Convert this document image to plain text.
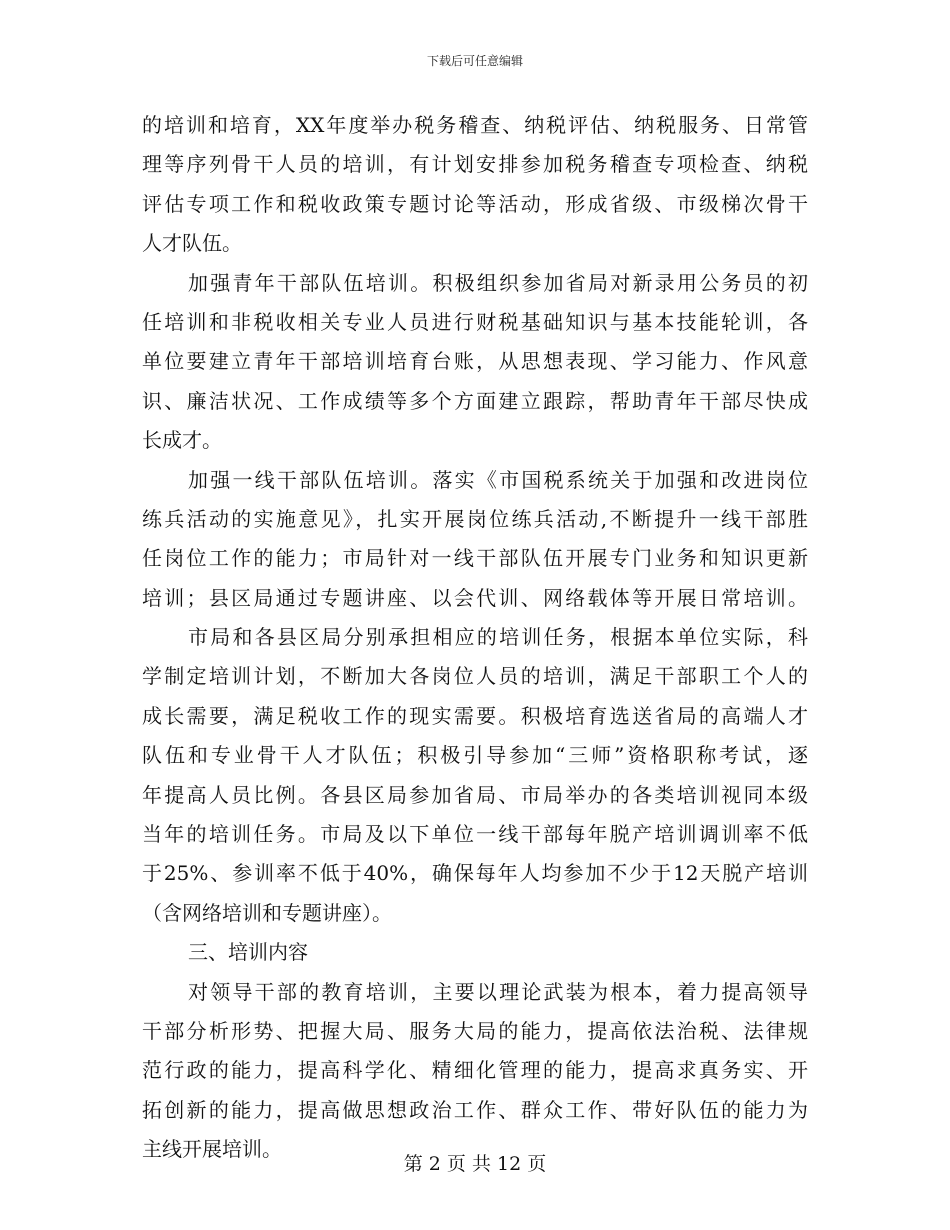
下载后可任意编辑
的培训和培育，XX年度举办税务稽查、纳税评估、纳税服务、日常管
理等序列骨干人员的培训，有计划安排参加税务稽查专项检查、纳税
评估专项工作和税收政策专题讨论等活动，形成省级、市级梯次骨干
人才队伍。
加强青年干部队伍培训。积极组织参加省局对新录用公务员的初
任培训和非税收相关专业人员进行财税基础知识与基本技能轮训，各
单位要建立青年干部培训培育台账，从思想表现、学习能力、作风意
识、廉洁状况、工作成绩等多个方面建立跟踪，帮助青年干部尽快成
长成才。
加强一线干部队伍培训。落实《市国税系统关于加强和改进岗位
练兵活动的实施意见》，扎实开展岗位练兵活动,不断提升一线干部胜
任岗位工作的能力；市局针对一线干部队伍开展专门业务和知识更新
培训；县区局通过专题讲座、以会代训、网络载体等开展日常培训。
市局和各县区局分别承担相应的培训任务，根据本单位实际，科
学制定培训计划，不断加大各岗位人员的培训，满足干部职工个人的
成长需要，满足税收工作的现实需要。积极培育选送省局的高端人才
队伍和专业骨干人才队伍；积极引导参加“三师”资格职称考试，逐
年提高人员比例。各县区局参加省局、市局举办的各类培训视同本级
当年的培训任务。市局及以下单位一线干部每年脱产培训调训率不低
于25%、参训率不低于40%，确保每年人均参加不少于12天脱产培训
（含网络培训和专题讲座）。
三、培训内容
对领导干部的教育培训，主要以理论武装为根本，着力提高领导
干部分析形势、把握大局、服务大局的能力，提高依法治税、法律规
范行政的能力，提高科学化、精细化管理的能力，提高求真务实、开
拓创新的能力，提高做思想政治工作、群众工作、带好队伍的能力为
主线开展培训。
第 2 页 共 12 页
